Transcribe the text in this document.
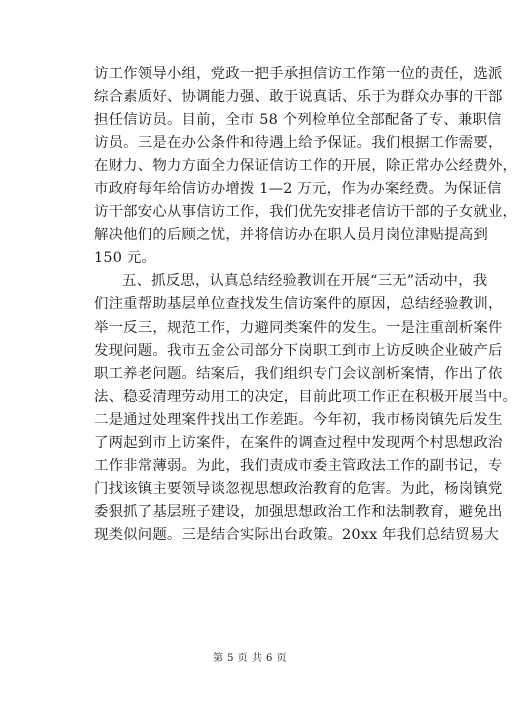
访工作领导小组，党政一把手承担信访工作第一位的责任，选派
综合素质好、协调能力强、敢于说真话、乐于为群众办事的干部
担任信访员。目前，全市 58 个列检单位全部配备了专、兼职信
访员。三是在办公条件和待遇上给予保证。我们根据工作需要，
在财力、物力方面全力保证信访工作的开展，除正常办公经费外，
市政府每年给信访办增拨 1—2 万元，作为办案经费。为保证信
访干部安心从事信访工作，我们优先安排老信访干部的子女就业，
解决他们的后顾之忧，并将信访办在职人员月岗位津贴提高到
150 元。
五、抓反思，认真总结经验教训在开展“三无”活动中，我
们注重帮助基层单位查找发生信访案件的原因，总结经验教训，
举一反三，规范工作，力避同类案件的发生。一是注重剖析案件
发现问题。我市五金公司部分下岗职工到市上访反映企业破产后
职工养老问题。结案后，我们组织专门会议剖析案情，作出了依
法、稳妥清理劳动用工的决定，目前此项工作正在积极开展当中。
二是通过处理案件找出工作差距。今年初，我市杨岗镇先后发生
了两起到市上访案件，在案件的调查过程中发现两个村思想政治
工作非常薄弱。为此，我们责成市委主管政法工作的副书记，专
门找该镇主要领导谈忽视思想政治教育的危害。为此，杨岗镇党
委狠抓了基层班子建设，加强思想政治工作和法制教育，避免出
现类似问题。三是结合实际出台政策。20xx 年我们总结贸易大
第 5 页 共 6 页
